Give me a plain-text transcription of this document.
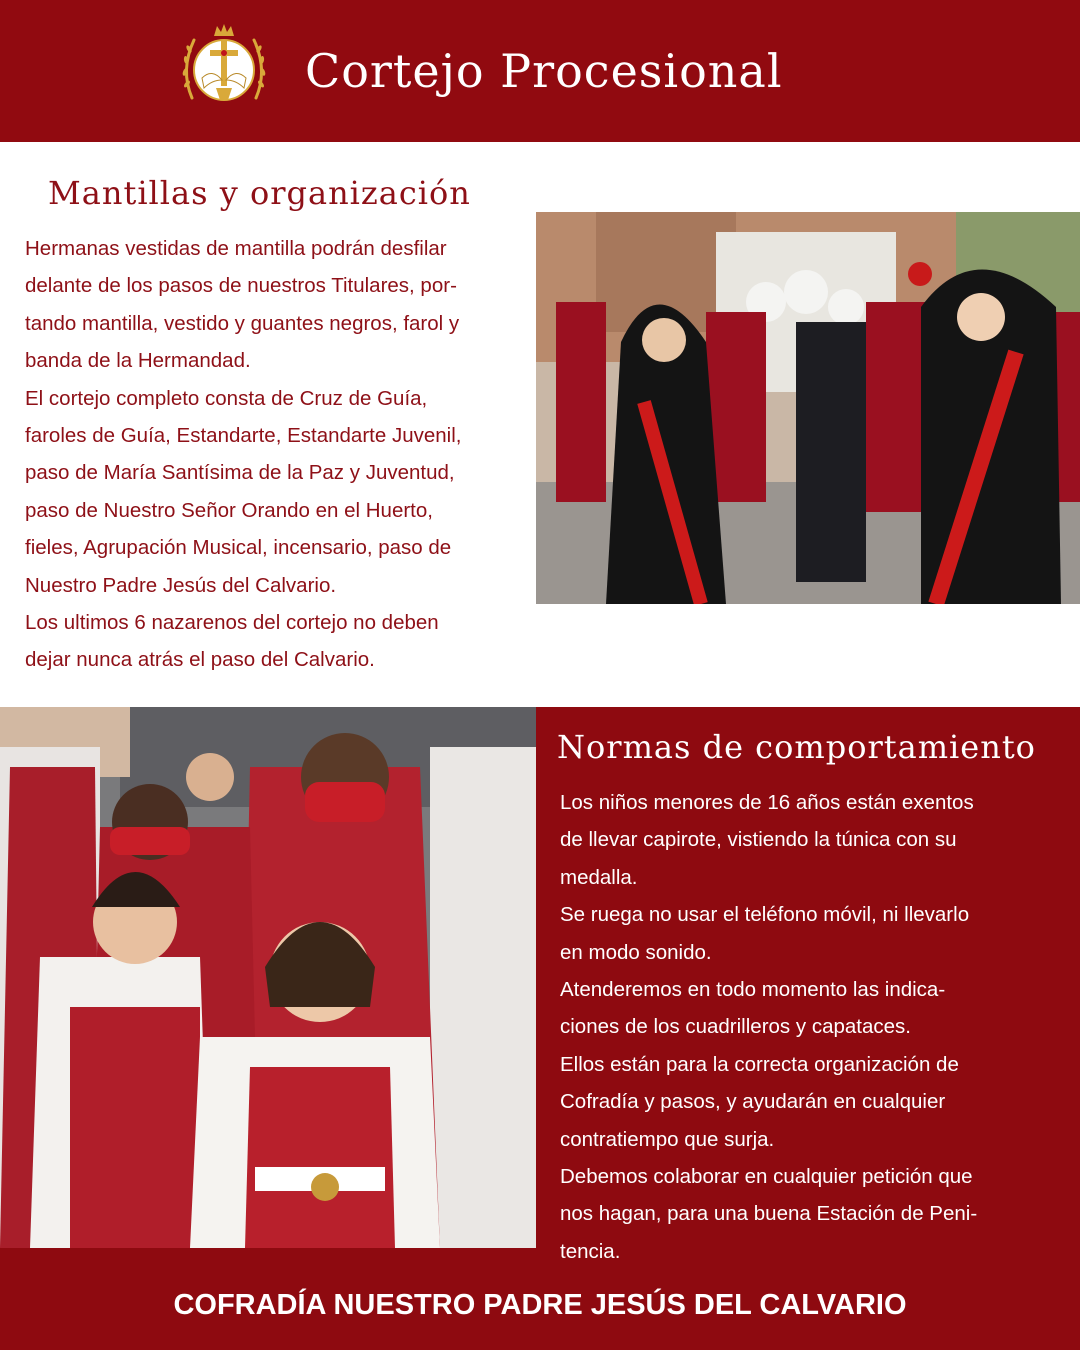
Cortejo Procesional
Mantillas y organización

Hermanas vestidas de mantilla podrán desfilar

delante de los pasos de nuestros Titulares, por-

tando mantilla, vestido y guantes negros, farol y

banda de la Hermandad.

El cortejo completo consta de Cruz de Guía,

faroles de Guía, Estandarte, Estandarte Juvenil,

paso de María Santísima de la Paz y Juventud,

paso de Nuestro Señor Orando en el Huerto,

fieles, Agrupación Musical, incensario, paso de

Nuestro Padre Jesús del Calvario.

Los ultimos 6 nazarenos del cortejo no deben

dejar nunca atrás el paso del Calvario.

Normas de comportamiento

Los niños menores de 16 años están exentos

de llevar capirote, vistiendo la túnica con su

medalla.

Se ruega no usar el teléfono móvil, ni llevarlo

en modo sonido.

Atenderemos en todo momento las indica-

ciones de los cuadrilleros y capataces.

Ellos están para la correcta organización de

Cofradía y pasos, y ayudarán en cualquier

contratiempo que surja.

Debemos colaborar en cualquier petición que

nos hagan, para una buena Estación de Peni-

tencia.

COFRADÍA NUESTRO PADRE JESÚS DEL CALVARIO
